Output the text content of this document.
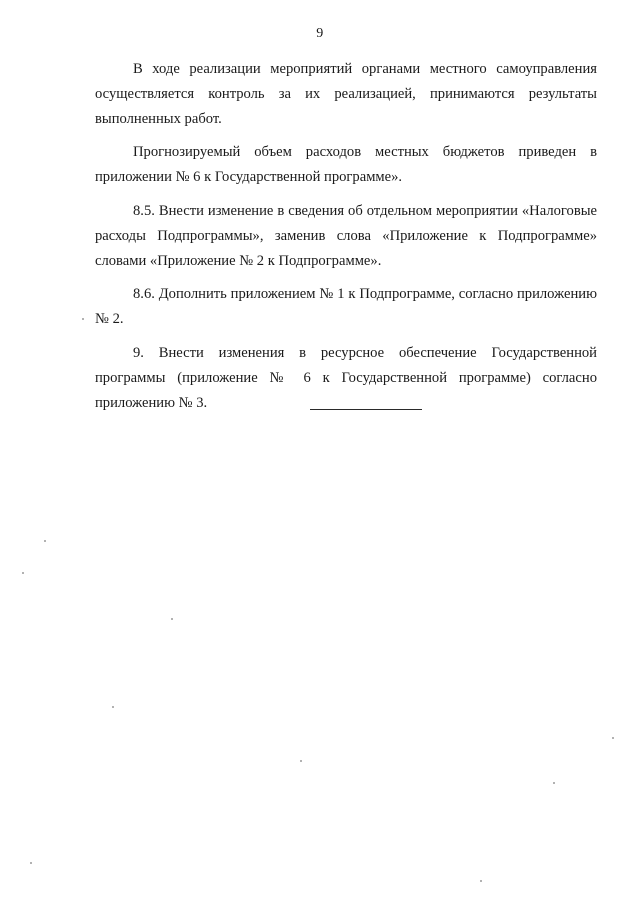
9

В ходе реализации мероприятий органами местного самоуправления осуществляется контроль за их реализацией, принимаются результаты выполненных работ.

Прогнозируемый объем расходов местных бюджетов приведен в приложении № 6 к Государственной программе».

8.5. Внести изменение в сведения об отдельном мероприятии «Налоговые расходы Подпрограммы», заменив слова «Приложение к Подпрограмме» словами «Приложение № 2 к Подпрограмме».

8.6. Дополнить приложением № 1 к Подпрограмме, согласно приложению № 2.

9. Внести изменения в ресурсное обеспечение Государственной программы (приложение № 6 к Государственной программе) согласно приложению № 3.
